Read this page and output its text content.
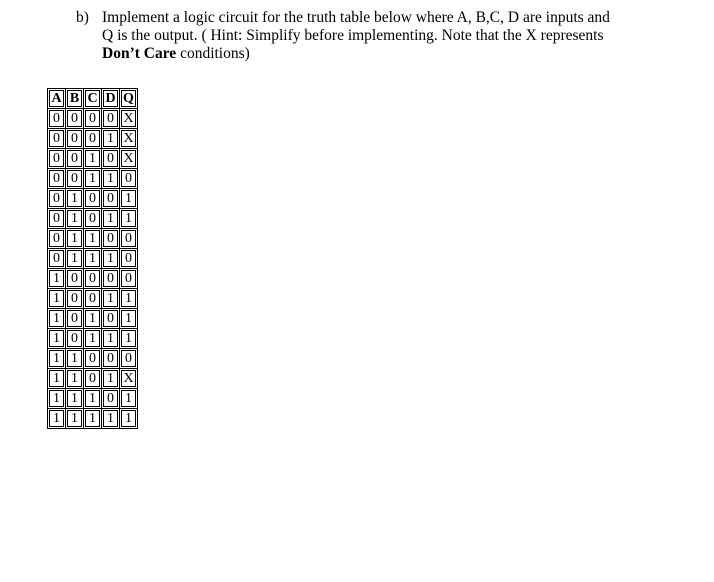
b) Implement a logic circuit for the truth table below where A, B,C, D are inputs and
Q is the output. ( Hint: Simplify before implementing. Note that the X represents
Don’t Care conditions)
A	B	C	D	Q

0	0	0	0	X

0	0	0	1	X

0	0	1	0	X

0	0	1	1	0

0	1	0	0	1

0	1	0	1	1

0	1	1	0	0

0	1	1	1	0

1	0	0	0	0

1	0	0	1	1

1	0	1	0	1

1	0	1	1	1

1	1	0	0	0

1	1	0	1	X

1	1	1	0	1

1	1	1	1	1
